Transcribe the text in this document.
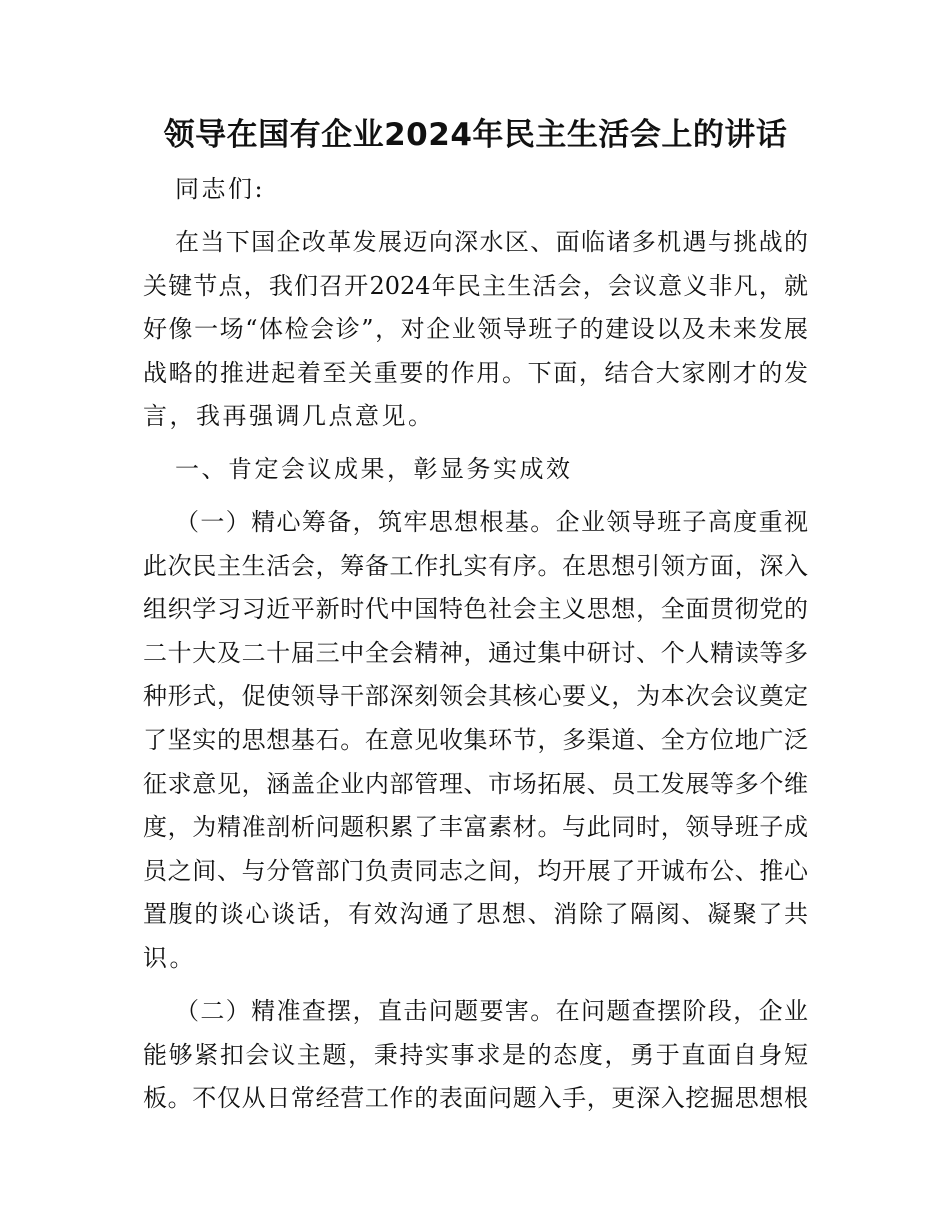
领导在国有企业2024年民主生活会上的讲话
同志们:
在当下国企改革发展迈向深水区、面临诸多机遇与挑战的
关键节点，我们召开2024年民主生活会，会议意义非凡，就
好像一场“体检会诊”，对企业领导班子的建设以及未来发展
战略的推进起着至关重要的作用。下面，结合大家刚才的发
言，我再强调几点意见。
一、肯定会议成果，彰显务实成效
（一）精心筹备，筑牢思想根基。企业领导班子高度重视
此次民主生活会，筹备工作扎实有序。在思想引领方面，深入
组织学习习近平新时代中国特色社会主义思想，全面贯彻党的
二十大及二十届三中全会精神，通过集中研讨、个人精读等多
种形式，促使领导干部深刻领会其核心要义，为本次会议奠定
了坚实的思想基石。在意见收集环节，多渠道、全方位地广泛
征求意见，涵盖企业内部管理、市场拓展、员工发展等多个维
度，为精准剖析问题积累了丰富素材。与此同时，领导班子成
员之间、与分管部门负责同志之间，均开展了开诚布公、推心
置腹的谈心谈话，有效沟通了思想、消除了隔阂、凝聚了共
识。
（二）精准查摆，直击问题要害。在问题查摆阶段，企业
能够紧扣会议主题，秉持实事求是的态度，勇于直面自身短
板。不仅从日常经营工作的表面问题入手，更深入挖掘思想根
